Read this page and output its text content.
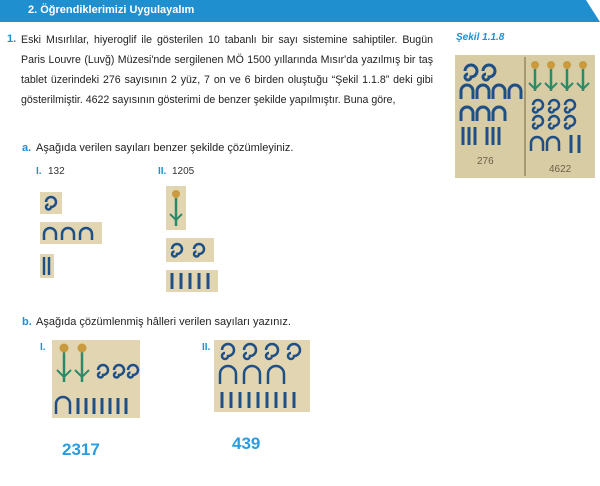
2. Öğrendiklerimizi Uygulayalım
1. Eski Mısırlılar, hiyeroglif ile gösterilen 10 tabanlı bir sayı sistemine sahiptiler. Bugün Paris Louvre (Luvğ) Müzesi'nde sergilenen MÖ 1500 yıllarında Mısır'da yazılmış bir taş tablet üzerindeki 276 sayısının 2 yüz, 7 on ve 6 birden oluştuğu “Şekil 1.1.8” deki gibi gösterilmiştir. 4622 sayısının gösterimi de benzer şekilde yapılmıştır. Buna göre,
Şekil 1.1.8
276
4622
a. Aşağıda verilen sayıları benzer şekilde çözümleyiniz.
I. 132	II. 1205
b. Aşağıda çözümlenmiş hâlleri verilen sayıları yazınız.
I.	II.
2317	439
